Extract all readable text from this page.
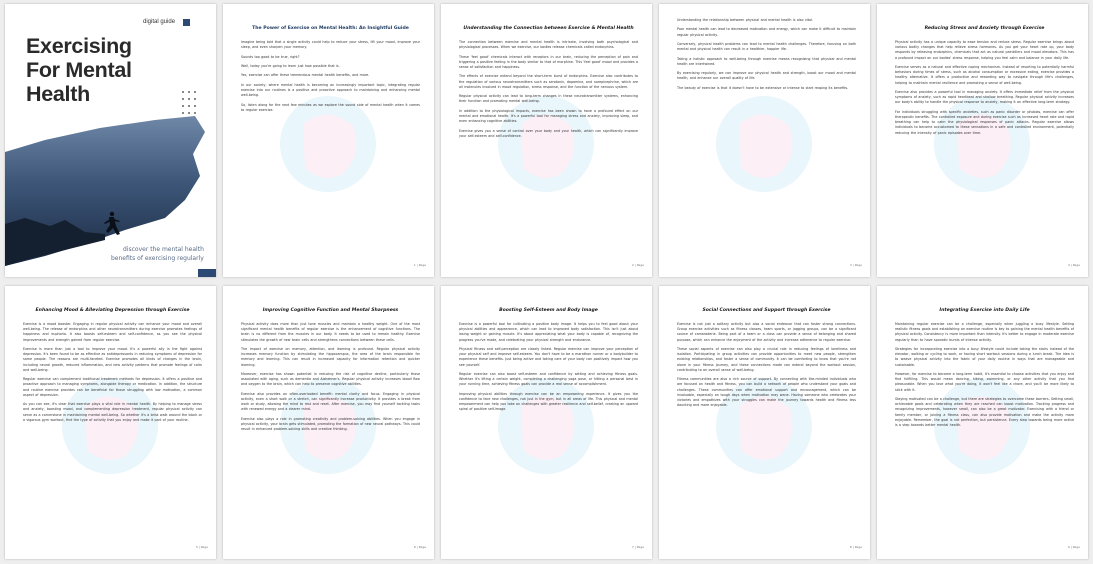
digital guide
Exercising
For Mental
Health
discover the mental health
benefits of exercising regularly
The Power of Exercise on Mental Health: An Insightful Guide

Imagine being told that a single activity could help to reduce your stress, lift your mood, improve your sleep, and even sharpen your memory.

Sounds too good to be true, right?

Well, today you're going to learn just how possible that is.

Yes, exercise can offer these tremendous mental health benefits, and more.

In our society, where mental health is becoming an increasingly important topic, integrating regular exercise into our routines is a positive and proactive approach to maintaining and enhancing mental well-being.

So, listen along for the next few minutes as we explore the sound side of mental health when it comes to regular exercise.

1 | Page
Understanding the Connection between Exercise & Mental Health

The connection between exercise and mental health is intricate, involving both psychological and physiological processes. When we exercise, our bodies release chemicals called endorphins.

These 'feel good' chemicals interact with receptors in our brain, reducing the perception of pain and triggering a positive feeling in the body similar to that of morphine. This 'feel good' mood and provides a sense of satisfaction and happiness.

The effects of exercise extend beyond the short-term burst of endorphins. Exercise also contributes to the regulation of various neurotransmitters such as serotonin, dopamine, and norepinephrine, which are all molecules involved in mood regulation, stress response, and the function of the nervous system.

Regular physical activity can lead to long-term changes in these neurotransmitter systems, enhancing their function and promoting mental well-being.

In addition to the physiological impacts, exercise has been shown to have a profound effect on our mental and emotional health. It's a powerful tool for managing stress and anxiety, improving sleep, and even enhancing cognitive abilities.

Exercise gives you a sense of control over your body and your health, which can significantly improve your self-esteem and self-confidence.

2 | Page

Understanding the relationship between physical and mental health is also vital.

Poor mental health can lead to decreased motivation and energy, which can make it difficult to maintain regular physical activity.

Conversely, physical health problems can lead to mental health challenges. Therefore, focusing on both mental and physical health can result in a healthier, happier life.

Taking a holistic approach to well-being through exercise means recognizing that physical and mental health are intertwined.

By exercising regularly, we can improve our physical health and strength, boost our mood and mental health, and enhance our overall quality of life.

The beauty of exercise is that it doesn't have to be extensive or intense to start reaping its benefits.

3 | Page
Reducing Stress and Anxiety through Exercise

Physical activity has a unique capacity to ease tension and reduce stress. Regular exercise brings about various bodily changes that help relieve stress hormones. As you get your heart rate up, your body responds by releasing endorphins, chemicals that act as natural painkillers and mood elevators. This has a profound impact on our bodies' stress response, helping you feel calm and balance in your daily life.

Exercise serves as a natural and effective coping mechanism. Instead of resorting to potentially harmful behaviors during times of stress, such as alcohol consumption or excessive eating, exercise provides a healthy alternative. It offers a productive and rewarding way to navigate through life's challenges, helping to maintain mental resilience and promoting a sense of well-being.

Exercise also provides a powerful tool in managing anxiety. It offers immediate relief from the physical symptoms of anxiety, such as rapid heartbeat and shallow breathing. Regular physical activity increases our body's ability to handle the physical response to anxiety, making it an effective long-term strategy.

For individuals struggling with specific anxieties, such as panic disorder or phobias, exercise can offer therapeutic benefits. The controlled exposure and during exercise such as increased heart rate and rapid breathing can help to calm the physiological responses of panic attacks. Regular exercise allows individuals to become accustomed to these sensations in a safe and controlled environment, potentially reducing the intensity of panic episodes over time.

4 | Page
Enhancing Mood & Alleviating Depression through Exercise

Exercise is a mood booster. Engaging in regular physical activity can enhance your mood and overall well-being. The release of endorphins and other neurotransmitters during exercise promotes feelings of happiness and euphoria. It also boosts self-esteem and self-confidence, as you see the physical improvements and strength gained from regular exercise.

Exercise is more than just a tool to improve your mood. It's a powerful ally in the fight against depression. It's been found to be as effective as antidepressants in reducing symptoms of depression for some people. The reasons are multi-faceted. Exercise promotes all kinds of changes in the brain, including neural growth, reduced inflammation, and new activity patterns that promote feelings of calm and well-being.

Regular exercise can complement traditional treatment methods for depression. It offers a positive and proactive approach to managing symptoms, alongside therapy or medication. In addition, the structure and routine exercise provides can be beneficial for those struggling with low motivation, a common aspect of depression.

As you can see, it's clear that exercise plays a vital role in mental health. By helping to manage stress and anxiety, boosting mood, and complementing depression treatment, regular physical activity can serve as a cornerstone in maintaining mental well-being. So whether it's a brisk walk around the block or a vigorous gym workout, find the type of activity that you enjoy and make it part of your routine.

5 | Page
Improving Cognitive Function and Mental Sharpness

Physical activity does more than just tone muscles and maintain a healthy weight. One of the most significant mental health benefits of regular exercise is the enhancement of cognitive functions. The brain is no different from the muscles in our body. It needs to be used to remain healthy. Exercise stimulates the growth of new brain cells and strengthens connections between these cells.

The impact of exercise on memory, attention, and learning is profound. Regular physical activity increases memory function by stimulating the hippocampus, the area of the brain responsible for memory and learning. This can result in increased capacity for information retention and quicker learning.

Moreover, exercise has shown potential in reducing the risk of cognitive decline, particularly those associated with aging, such as dementia and Alzheimer's. Regular physical activity increases blood flow and oxygen to the brain, which can help to preserve cognitive abilities.

Exercise also provides an often-overlooked benefit: mental clarity and focus. Engaging in physical activity, even a short walk or a stretch, can significantly increase productivity. It provides a break from work or study, allowing the mind to rest and reset. After exercise, you may find yourself tackling tasks with renewed energy and a clearer mind.

Exercise also plays a role in promoting creativity and problem-solving abilities. When you engage in physical activity, your brain gets stimulated, promoting the formation of new neural pathways. This could result in enhanced problem-solving skills and creative thinking.

6 | Page
Boosting Self-Esteem and Body Image

Exercise is a powerful tool for cultivating a positive body image. It helps you to feel good about your physical abilities and appearance, which can lead to improved body satisfaction. This isn't just about losing weight or gaining muscle. It's about appreciating what your body is capable of, recognizing the progress you've made, and celebrating your physical strength and endurance.

Physical fitness and self-perception are closely linked. Regular exercise can improve your perception of your physical self and improve self-esteem. You don't have to be a marathon runner or a bodybuilder to experience these benefits. Just being active and taking care of your body can positively impact how you see yourself.

Regular exercise can also boost self-esteem and confidence by setting and achieving fitness goals. Whether it's lifting a certain weight, completing a challenging yoga pose, or hitting a personal best in your running time, achieving fitness goals can provide a real sense of accomplishment.

Improving physical abilities through exercise can be an empowering experience. It gives you the confidence to face new challenges, not just in the gym, but in all areas of life. This physical and mental empowerment can help you take on challenges with greater resilience and self-belief, creating an upward spiral of positive self-image.

7 | Page
Social Connections and Support through Exercise

Exercise is not just a solitary activity but also a social endeavor that can foster strong connections. Group exercise activities such as fitness classes, team sports, or jogging groups, can be a significant source of camaraderie. Being part of a team or a class can provide a sense of belonging and shared purpose, which can enhance the enjoyment of the activity and increase adherence to regular exercise.

These social aspects of exercise can also play a crucial role in reducing feelings of loneliness and isolation. Participating in group activities can provide opportunities to meet new people, strengthen existing relationships, and foster a sense of community. It can be comforting to know that you're not alone in your fitness journey, and these connections made can extend beyond the workout session, contributing to an overall sense of well-being.

Fitness communities are also a rich source of support. By connecting with like-minded individuals who are focused on health and fitness, you can build a network of people who understand your goals and challenges. These communities can offer emotional support and encouragement, which can be invaluable, especially on tough days when motivation may wane. Having someone who celebrates your victories and empathizes with your struggles can make the journey towards health and fitness less daunting and more enjoyable.

8 | Page
Integrating Exercise into Daily Life

Maintaining regular exercise can be a challenge, especially when juggling a busy lifestyle. Setting realistic fitness goals and establishing an exercise routine is key to gaining the mental health benefits of physical activity. Consistency is more important than intensity. It's better to engage in moderate exercise regularly than to have sporadic bursts of intense activity.

Strategies for incorporating exercise into a busy lifestyle could include taking the stairs instead of the elevator, walking or cycling to work, or having short workout sessions during a lunch break. The idea is to weave physical activity into the fabric of your daily routine in ways that are manageable and sustainable.

However, for exercise to become a long-term habit, it's essential to choose activities that you enjoy and find fulfilling. This would mean dancing, hiking, swimming, or any other activity that you find pleasurable. When you love what you're doing, it won't feel like a chore, and you'll be more likely to stick with it.

Staying motivated can be a challenge, but there are strategies to overcome these barriers. Setting small, achievable goals and celebrating when they are reached can boost motivation. Tracking progress and recognizing improvements, however small, can also be a great motivator. Exercising with a friend or family member, or joining a fitness class, can also provide motivation and make the activity more enjoyable. Remember, the goal is not perfection, but persistence. Every step towards being more active is a step towards better mental health.

9 | Page
